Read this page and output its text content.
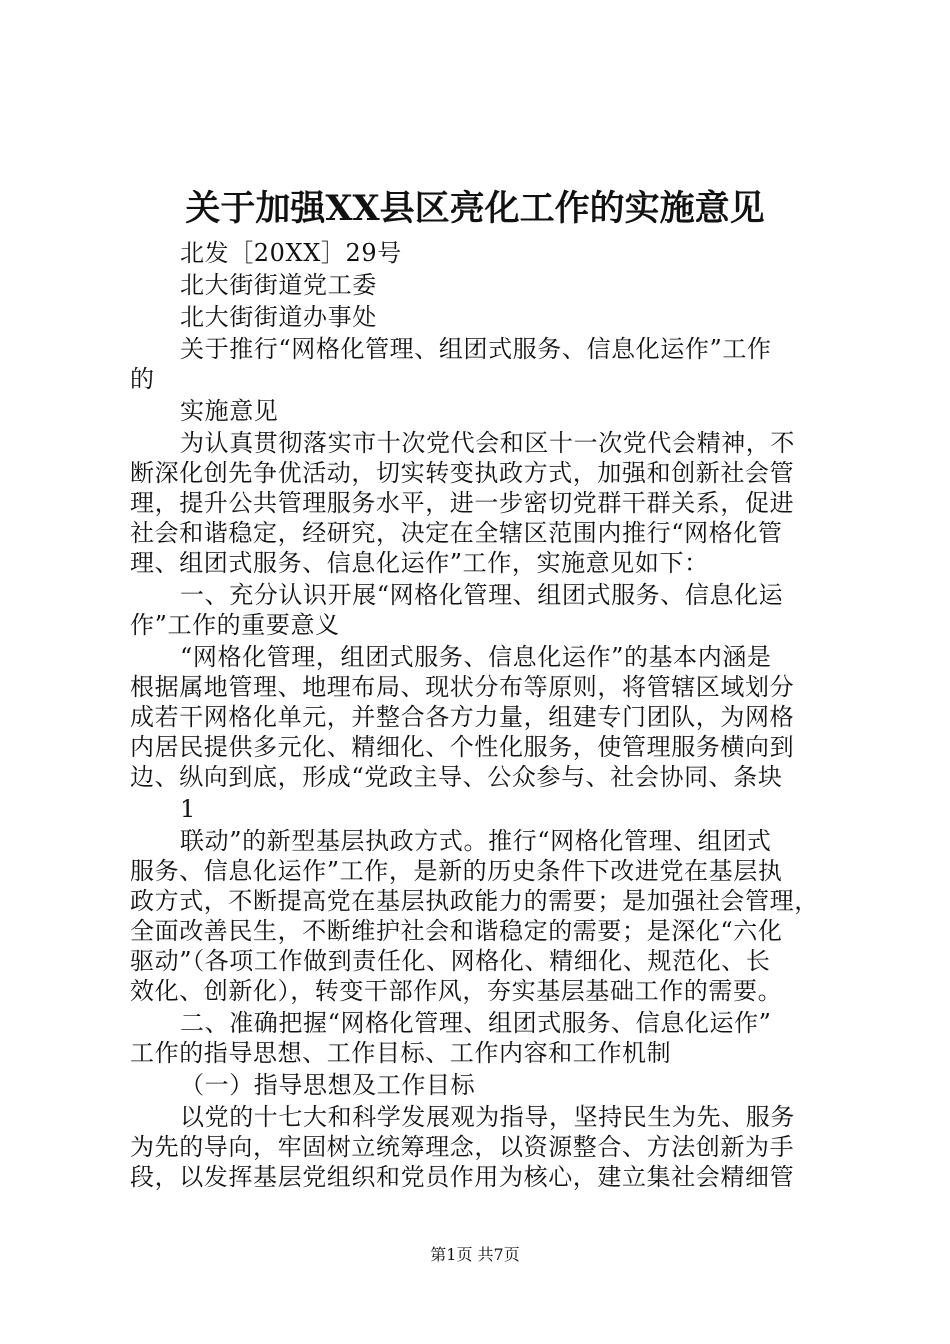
关于加强XX县区亮化工作的实施意见
北发［20XX］29号
北大街街道党工委
北大街街道办事处
关于推行“网格化管理、组团式服务、信息化运作”工作
的
实施意见
为认真贯彻落实市十次党代会和区十一次党代会精神，不
断深化创先争优活动，切实转变执政方式，加强和创新社会管
理，提升公共管理服务水平，进一步密切党群干群关系，促进
社会和谐稳定，经研究，决定在全辖区范围内推行“网格化管
理、组团式服务、信息化运作”工作，实施意见如下：
一、充分认识开展“网格化管理、组团式服务、信息化运
作”工作的重要意义
“网格化管理，组团式服务、信息化运作”的基本内涵是
根据属地管理、地理布局、现状分布等原则，将管辖区域划分
成若干网格化单元，并整合各方力量，组建专门团队，为网格
内居民提供多元化、精细化、个性化服务，使管理服务横向到
边、纵向到底，形成“党政主导、公众参与、社会协同、条块
1
联动”的新型基层执政方式。推行“网格化管理、组团式
服务、信息化运作”工作，是新的历史条件下改进党在基层执
政方式，不断提高党在基层执政能力的需要；是加强社会管理，
全面改善民生，不断维护社会和谐稳定的需要；是深化“六化
驱动”（各项工作做到责任化、网格化、精细化、规范化、长
效化、创新化），转变干部作风，夯实基层基础工作的需要。
二、准确把握“网格化管理、组团式服务、信息化运作”
工作的指导思想、工作目标、工作内容和工作机制
（一）指导思想及工作目标
以党的十七大和科学发展观为指导，坚持民生为先、服务
为先的导向，牢固树立统筹理念，以资源整合、方法创新为手
段，以发挥基层党组织和党员作用为核心，建立集社会精细管
第1页 共7页
